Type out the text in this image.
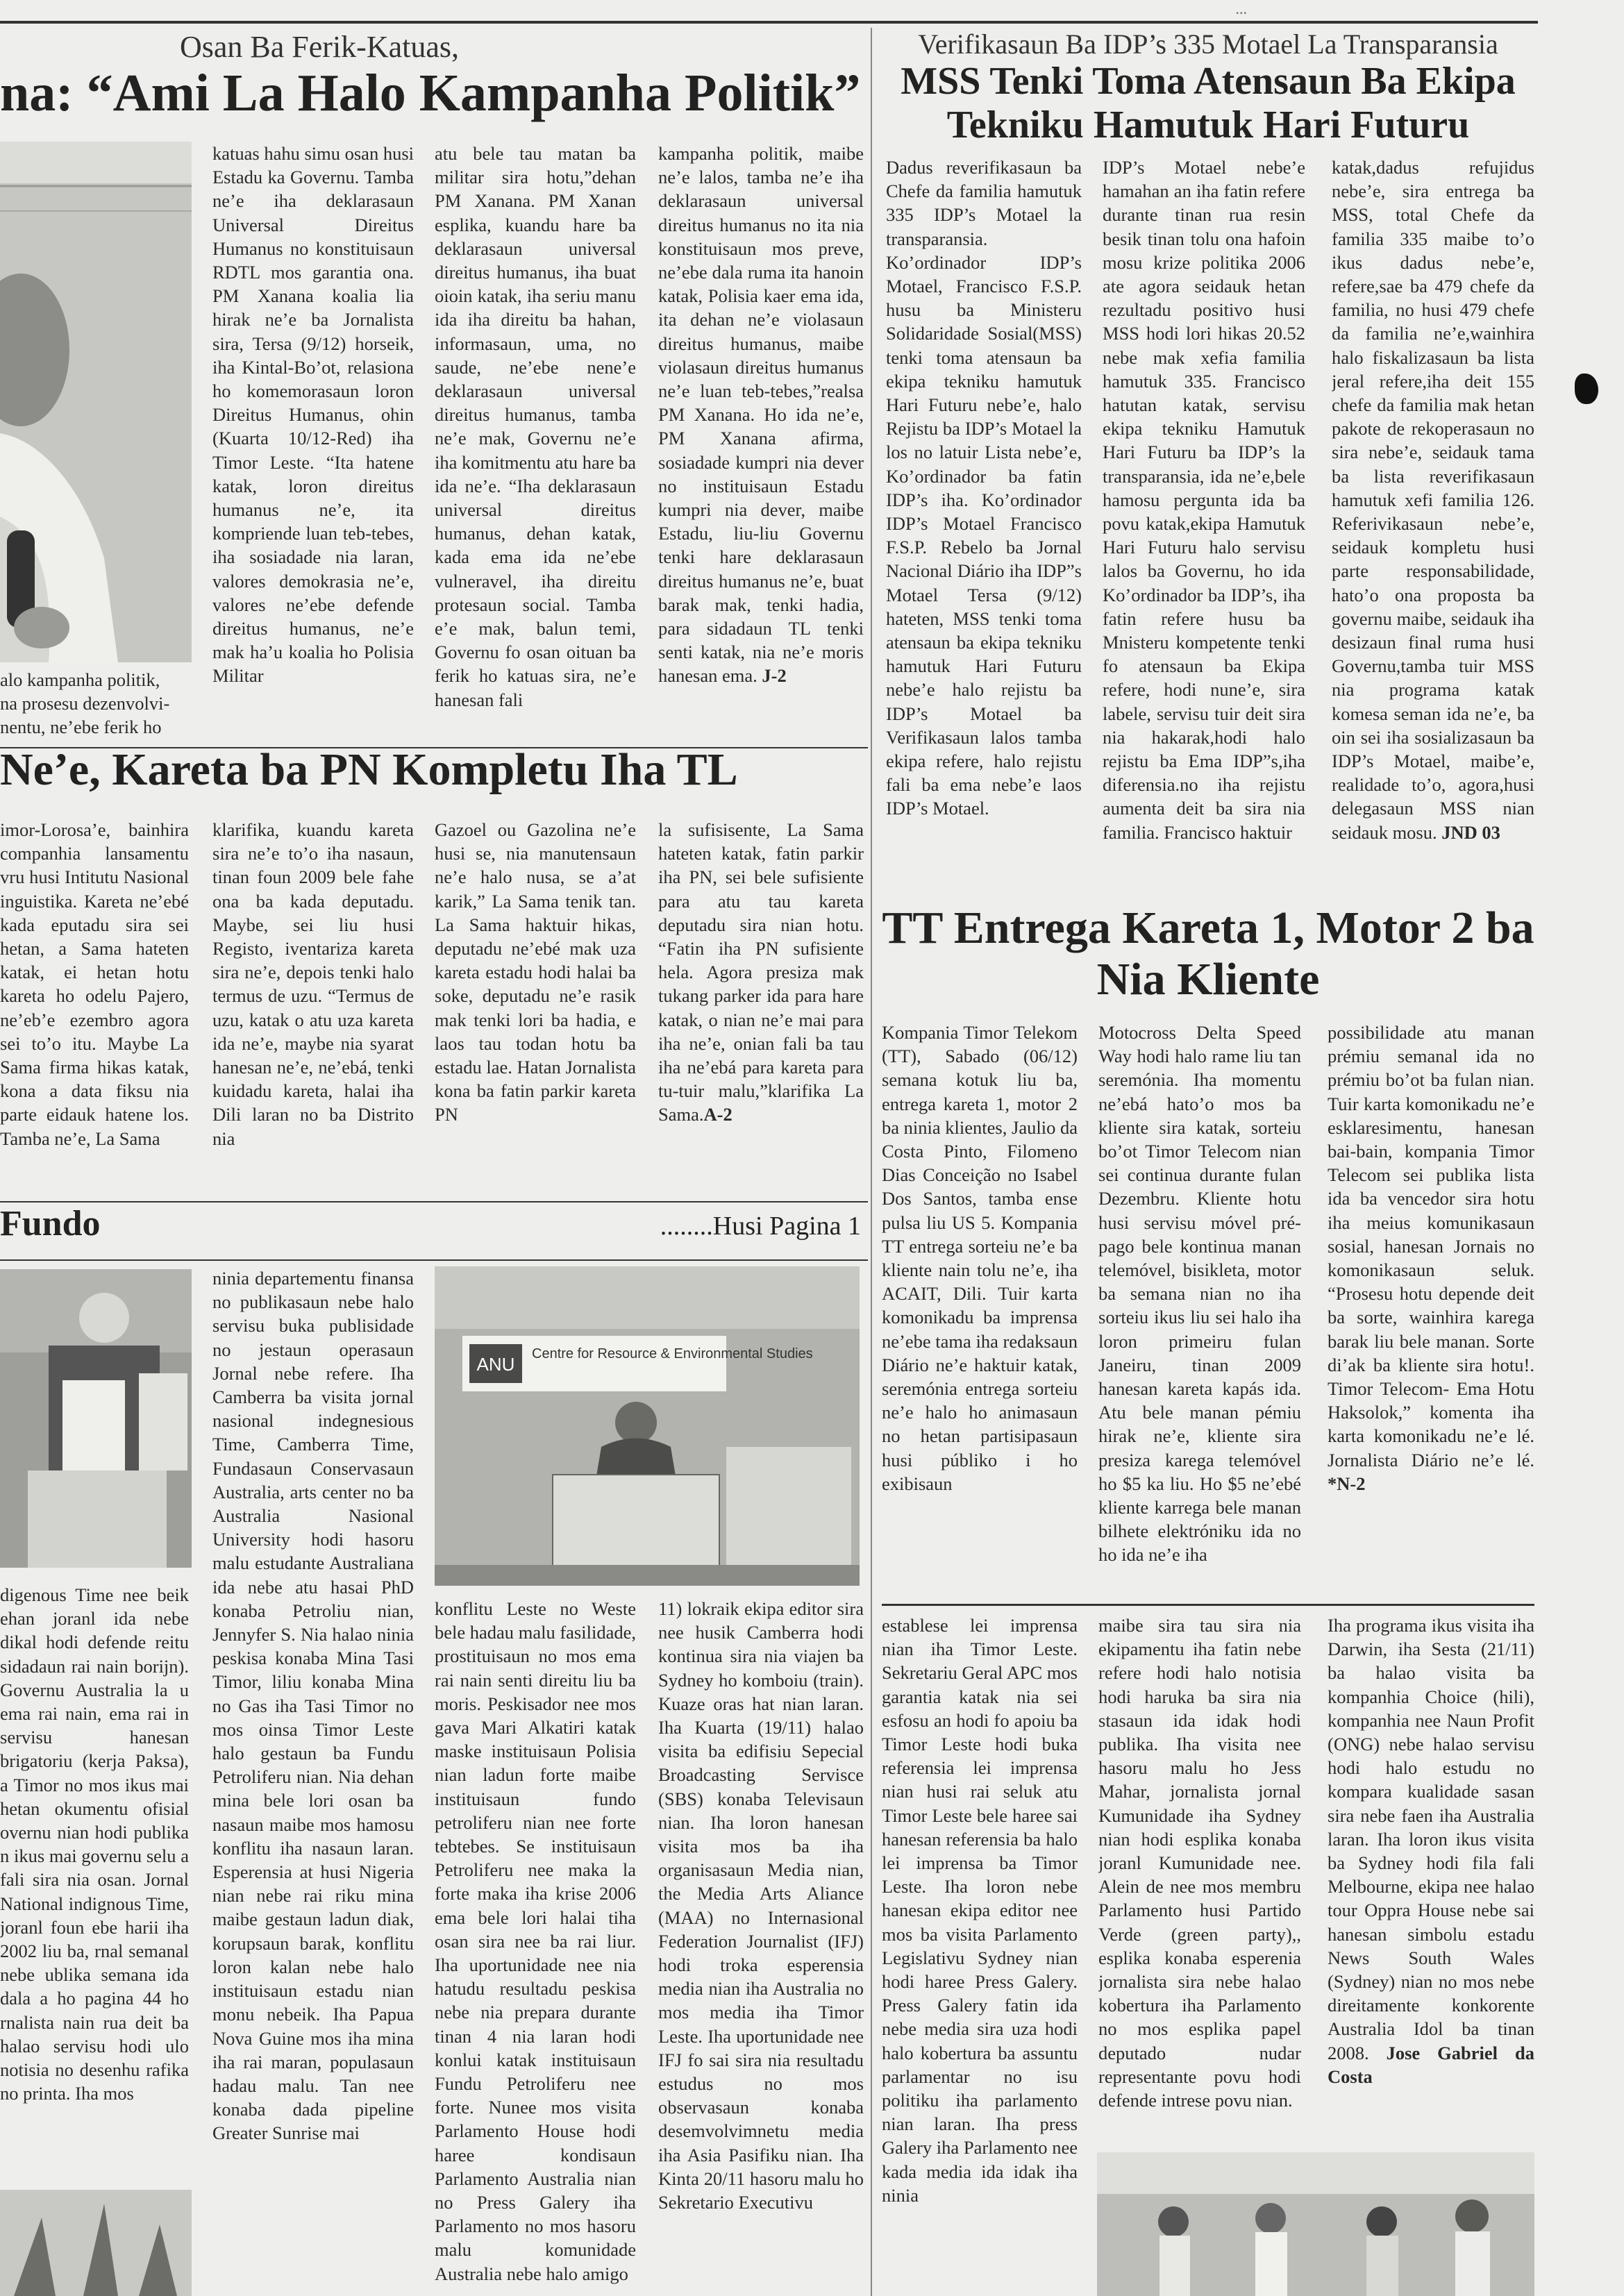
...
Osan Ba Ferik-Katuas,
na: “Ami La Halo Kampanha Politik”
alo kampanha politik,
na prosesu dezenvolvi-
nentu, ne’ebe ferik ho

katuas hahu simu osan husi Estadu ka Governu. Tamba ne’e iha deklarasaun Universal Direitus Humanus no konstituisaun RDTL mos garantia ona. PM Xanana koalia lia hirak ne’e ba Jornalista sira, Tersa (9/12) horseik, iha Kintal-Bo’ot, relasiona ho komemorasaun loron Direitus Humanus, ohin (Kuarta 10/12-Red) iha Timor Leste. “Ita hatene katak, loron direitus humanus ne’e, ita kompriende luan teb-tebes, iha sosiadade nia laran, valores demokrasia ne’e, valores ne’ebe defende direitus humanus, ne’e mak ha’u koalia ho Polisia Militar

atu bele tau matan ba militar sira hotu,”dehan PM Xanana. PM Xanan esplika, kuandu hare ba deklarasaun universal direitus humanus, iha buat oioin katak, iha seriu manu ida iha direitu ba hahan, informasaun, uma, no saude, ne’ebe nene’e deklarasaun universal direitus humanus, tamba ne’e mak, Governu ne’e iha komitmentu atu hare ba ida ne’e. “Iha deklarasaun universal direitus humanus, dehan katak, kada ema ida ne’ebe vulneravel, iha direitu protesaun social. Tamba e’e mak, balun temi, Governu fo osan oituan ba ferik ho katuas sira, ne’e hanesan fali

kampanha politik, maibe ne’e lalos, tamba ne’e iha deklarasaun universal direitus humanus no ita nia konstituisaun mos preve, ne’ebe dala ruma ita hanoin katak, Polisia kaer ema ida, ita dehan ne’e violasaun direitus humanus, maibe violasaun direitus humanus ne’e luan teb-tebes,”realsa PM Xanana. Ho ida ne’e, PM Xanana afirma, sosiadade kumpri nia dever no instituisaun Estadu kumpri nia dever, maibe Estadu, liu-liu Governu tenki hare deklarasaun direitus humanus ne’e, buat barak mak, tenki hadia, para sidadaun TL tenki senti katak, nia ne’e moris hanesan ema. J-2

Ne’e, Kareta ba PN Kompletu Iha TL

imor-Lorosa’e, bainhira companhia lansamentu vru husi Intitutu Nasional inguistika. Kareta ne’ebé kada eputadu sira sei hetan, a Sama hateten katak, ei hetan hotu kareta ho odelu Pajero, ne’eb’e ezembro agora sei to’o itu. Maybe La Sama firma hikas katak, kona a data fiksu nia parte eidauk hatene los. Tamba ne’e, La Sama

klarifika, kuandu kareta sira ne’e to’o iha nasaun, tinan foun 2009 bele fahe ona ba kada deputadu. Maybe, sei liu husi Registo, iventariza kareta sira ne’e, depois tenki halo termus de uzu. “Termus de uzu, katak o atu uza kareta ida ne’e, maybe nia syarat hanesan ne’e, ne’ebá, tenki kuidadu kareta, halai iha Dili laran no ba Distrito nia

Gazoel ou Gazolina ne’e husi se, nia manutensaun ne’e halo nusa, se a’at karik,” La Sama tenik tan. La Sama haktuir hikas, deputadu ne’ebé mak uza kareta estadu hodi halai ba soke, deputadu ne’e rasik mak tenki lori ba hadia, e laos tau todan hotu ba estadu lae. Hatan Jornalista kona ba fatin parkir kareta PN

la sufisisente, La Sama hateten katak, fatin parkir iha PN, sei bele sufisiente para atu tau kareta deputadu sira nian hotu. “Fatin iha PN sufisiente hela. Agora presiza mak tukang parker ida para hare katak, o nian ne’e mai para iha ne’e, onian fali ba tau iha ne’ebá para kareta para tu-tuir malu,”klarifika La Sama.A-2

Fundo	........Husi Pagina 1
ANU Centre for Resource & Environmental Studies

digenous Time nee beik ehan joranl ida nebe dikal hodi defende reitu sidadaun rai nain borijn). Governu Australia la u ema rai nain, ema rai in servisu hanesan brigatoriu (kerja Paksa), a Timor no mos ikus mai hetan okumentu ofisial overnu nian hodi publika n ikus mai governu selu a fali sira nia osan. Jornal National indignous Time, joranl foun ebe harii iha 2002 liu ba, rnal semanal nebe ublika semana ida dala a ho pagina 44 ho rnalista nain rua deit ba halao servisu hodi ulo notisia no desenhu rafika no printa. Iha mos

ninia departementu finansa no publikasaun nebe halo servisu buka publisidade no jestaun operasaun Jornal nebe refere. Iha Camberra ba visita jornal nasional indegnesious Time, Camberra Time, Fundasaun Conservasaun Australia, arts center no ba Australia Nasional University hodi hasoru malu estudante Australiana ida nebe atu hasai PhD konaba Petroliu nian, Jennyfer S. Nia halao ninia peskisa konaba Mina Tasi Timor, liliu konaba Mina no Gas iha Tasi Timor no mos oinsa Timor Leste halo gestaun ba Fundu Petroliferu nian. Nia dehan mina bele lori osan ba nasaun maibe mos hamosu konflitu iha nasaun laran. Esperensia at husi Nigeria nian nebe rai riku mina maibe gestaun ladun diak, korupsaun barak, konflitu loron kalan nebe halo instituisaun estadu nian monu nebeik. Iha Papua Nova Guine mos iha mina iha rai maran, populasaun hadau malu. Tan nee konaba dada pipeline Greater Sunrise mai

konflitu Leste no Weste bele hadau malu fasilidade, prostituisaun no mos ema rai nain senti direitu liu ba moris. Peskisador nee mos gava Mari Alkatiri katak maske instituisaun Polisia nian ladun forte maibe instituisaun fundo petroliferu nian nee forte tebtebes. Se instituisaun Petroliferu nee maka la forte maka iha krise 2006 ema bele lori halai tiha osan sira nee ba rai liur. Iha uportunidade nee nia hatudu resultadu peskisa nebe nia prepara durante tinan 4 nia laran hodi konlui katak instituisaun Fundu Petroliferu nee forte. Nunee mos visita Parlamento House hodi haree kondisaun Parlamento Australia nian no Press Galery iha Parlamento no mos hasoru malu komunidade Australia nebe halo amigo

11) lokraik ekipa editor sira nee husik Camberra hodi kontinua sira nia viajen ba Sydney ho komboiu (train). Kuaze oras hat nian laran. Iha Kuarta (19/11) halao visita ba edifisiu Sepecial Broadcasting Servisce (SBS) konaba Televisaun nian. Iha loron hanesan visita mos ba iha organisasaun Media nian, the Media Arts Aliance (MAA) no Internasional Federation Journalist (IFJ) hodi troka esperensia media nian iha Australia no mos media iha Timor Leste. Iha uportunidade nee IFJ fo sai sira nia resultadu estudus no mos observasaun konaba desemvolvimnetu media iha Asia Pasifiku nian. Iha Kinta 20/11 hasoru malu ho Sekretario Executivu

Verifikasaun Ba IDP’s 335 Motael La Transparansia
MSS Tenki Toma Atensaun Ba Ekipa Tekniku Hamutuk Hari Futuru

Dadus reverifikasaun ba Chefe da familia hamutuk 335 IDP’s Motael la transparansia. Ko’ordinador IDP’s Motael, Francisco F.S.P. husu ba Ministeru Solidaridade Sosial(MSS) tenki toma atensaun ba ekipa tekniku hamutuk Hari Futuru nebe’e, halo Rejistu ba IDP’s Motael la los no latuir Lista nebe’e, Ko’ordinador ba fatin IDP’s iha. Ko’ordinador IDP’s Motael Francisco F.S.P. Rebelo ba Jornal Nacional Diário iha IDP”s Motael Tersa (9/12) hateten, MSS tenki toma atensaun ba ekipa tekniku hamutuk Hari Futuru nebe’e halo rejistu ba IDP’s Motael ba Verifikasaun lalos tamba ekipa refere, halo rejistu fali ba ema nebe’e laos IDP’s Motael.

IDP’s Motael nebe’e hamahan an iha fatin refere durante tinan rua resin besik tinan tolu ona hafoin mosu krize politika 2006 ate agora seidauk hetan rezultadu positivo husi MSS hodi lori hikas 20.52 nebe mak xefia familia hamutuk 335. Francisco hatutan katak, servisu ekipa tekniku Hamutuk Hari Futuru ba IDP’s la transparansia, ida ne’e,bele hamosu pergunta ida ba povu katak,ekipa Hamutuk Hari Futuru halo servisu lalos ba Governu, ho ida Ko’ordinador ba IDP’s, iha fatin refere husu ba Mnisteru kompetente tenki fo atensaun ba Ekipa refere, hodi nune’e, sira labele, servisu tuir deit sira nia hakarak,hodi halo rejistu ba Ema IDP”s,iha diferensia.no iha rejistu aumenta deit ba sira nia familia. Francisco haktuir

katak,dadus refujidus nebe’e, sira entrega ba MSS, total Chefe da familia 335 maibe to’o ikus dadus nebe’e, refere,sae ba 479 chefe da familia, no husi 479 chefe da familia ne’e,wainhira halo fiskalizasaun ba lista jeral refere,iha deit 155 chefe da familia mak hetan pakote de rekoperasaun no sira nebe’e, seidauk tama ba lista reverifikasaun hamutuk xefi familia 126. Referivikasaun nebe’e, seidauk kompletu husi parte responsabilidade, hato’o ona proposta ba governu maibe, seidauk iha desizaun final ruma husi Governu,tamba tuir MSS nia programa katak komesa seman ida ne’e, ba oin sei iha sosializasaun ba IDP’s Motael, maibe’e, realidade to’o, agora,husi delegasaun MSS nian seidauk mosu. JND 03

TT Entrega Kareta 1, Motor 2 ba Nia Kliente

Kompania Timor Telekom (TT), Sabado (06/12) semana kotuk liu ba, entrega kareta 1, motor 2 ba ninia klientes, Jaulio da Costa Pinto, Filomeno Dias Conceição no Isabel Dos Santos, tamba ense pulsa liu US 5. Kompania TT entrega sorteiu ne’e ba kliente nain tolu ne’e, iha ACAIT, Dili. Tuir karta komonikadu ba imprensa ne’ebe tama iha redaksaun Diário ne’e haktuir katak, seremónia entrega sorteiu ne’e halo ho animasaun no hetan partisipasaun husi públiko i ho exibisaun

Motocross Delta Speed Way hodi halo rame liu tan seremónia. Iha momentu ne’ebá hato’o mos ba kliente sira katak, sorteiu bo’ot Timor Telecom nian sei continua durante fulan Dezembru. Kliente hotu husi servisu móvel pré-pago bele kontinua manan telemóvel, bisikleta, motor ba semana nian no iha sorteiu ikus liu sei halo iha loron primeiru fulan Janeiru, tinan 2009 hanesan kareta kapás ida. Atu bele manan pémiu hirak ne’e, kliente sira presiza karega telemóvel ho $5 ka liu. Ho $5 ne’ebé kliente karrega bele manan bilhete elektróniku ida no ho ida ne’e iha

possibilidade atu manan prémiu semanal ida no prémiu bo’ot ba fulan nian. Tuir karta komonikadu ne’e esklaresimentu, hanesan bai-bain, kompania Timor Telecom sei publika lista ida ba vencedor sira hotu iha meius komunikasaun sosial, hanesan Jornais no komonikasaun seluk. “Prosesu hotu depende deit ba sorte, wainhira karega barak liu bele manan. Sorte di’ak ba kliente sira hotu!. Timor Telecom- Ema Hotu Haksolok,” komenta iha karta komonikadu ne’e lé. Jornalista Diário ne’e lé. *N-2

establese lei imprensa nian iha Timor Leste. Sekretariu Geral APC mos garantia katak nia sei esfosu an hodi fo apoiu ba Timor Leste hodi buka referensia lei imprensa nian husi rai seluk atu Timor Leste bele haree sai hanesan referensia ba halo lei imprensa ba Timor Leste. Iha loron nebe hanesan ekipa editor nee mos ba visita Parlamento Legislativu Sydney nian hodi haree Press Galery. Press Galery fatin ida nebe media sira uza hodi halo kobertura ba assuntu parlamentar no isu politiku iha parlamento nian laran. Iha press Galery iha Parlamento nee kada media ida idak iha ninia

maibe sira tau sira nia ekipamentu iha fatin nebe refere hodi halo notisia hodi haruka ba sira nia stasaun ida idak hodi publika. Iha visita nee hasoru malu ho Jess Mahar, jornalista jornal Kumunidade iha Sydney nian hodi esplika konaba joranl Kumunidade nee. Alein de nee mos membru Parlamento husi Partido Verde (green party),, esplika konaba esperenia jornalista sira nebe halao kobertura iha Parlamento no mos esplika papel deputado nudar representante povu hodi defende intrese povu nian.

Iha programa ikus visita iha Darwin, iha Sesta (21/11) ba halao visita ba kompanhia Choice (hili), kompanhia nee Naun Profit (ONG) nebe halao servisu hodi halo estudu no kompara kualidade sasan sira nebe faen iha Australia laran. Iha loron ikus visita ba Sydney hodi fila fali Melbourne, ekipa nee halao tour Oppra House nebe sai hanesan simbolu estadu News South Wales (Sydney) nian no mos nebe direitamente konkorente Australia Idol ba tinan 2008. Jose Gabriel da Costa
